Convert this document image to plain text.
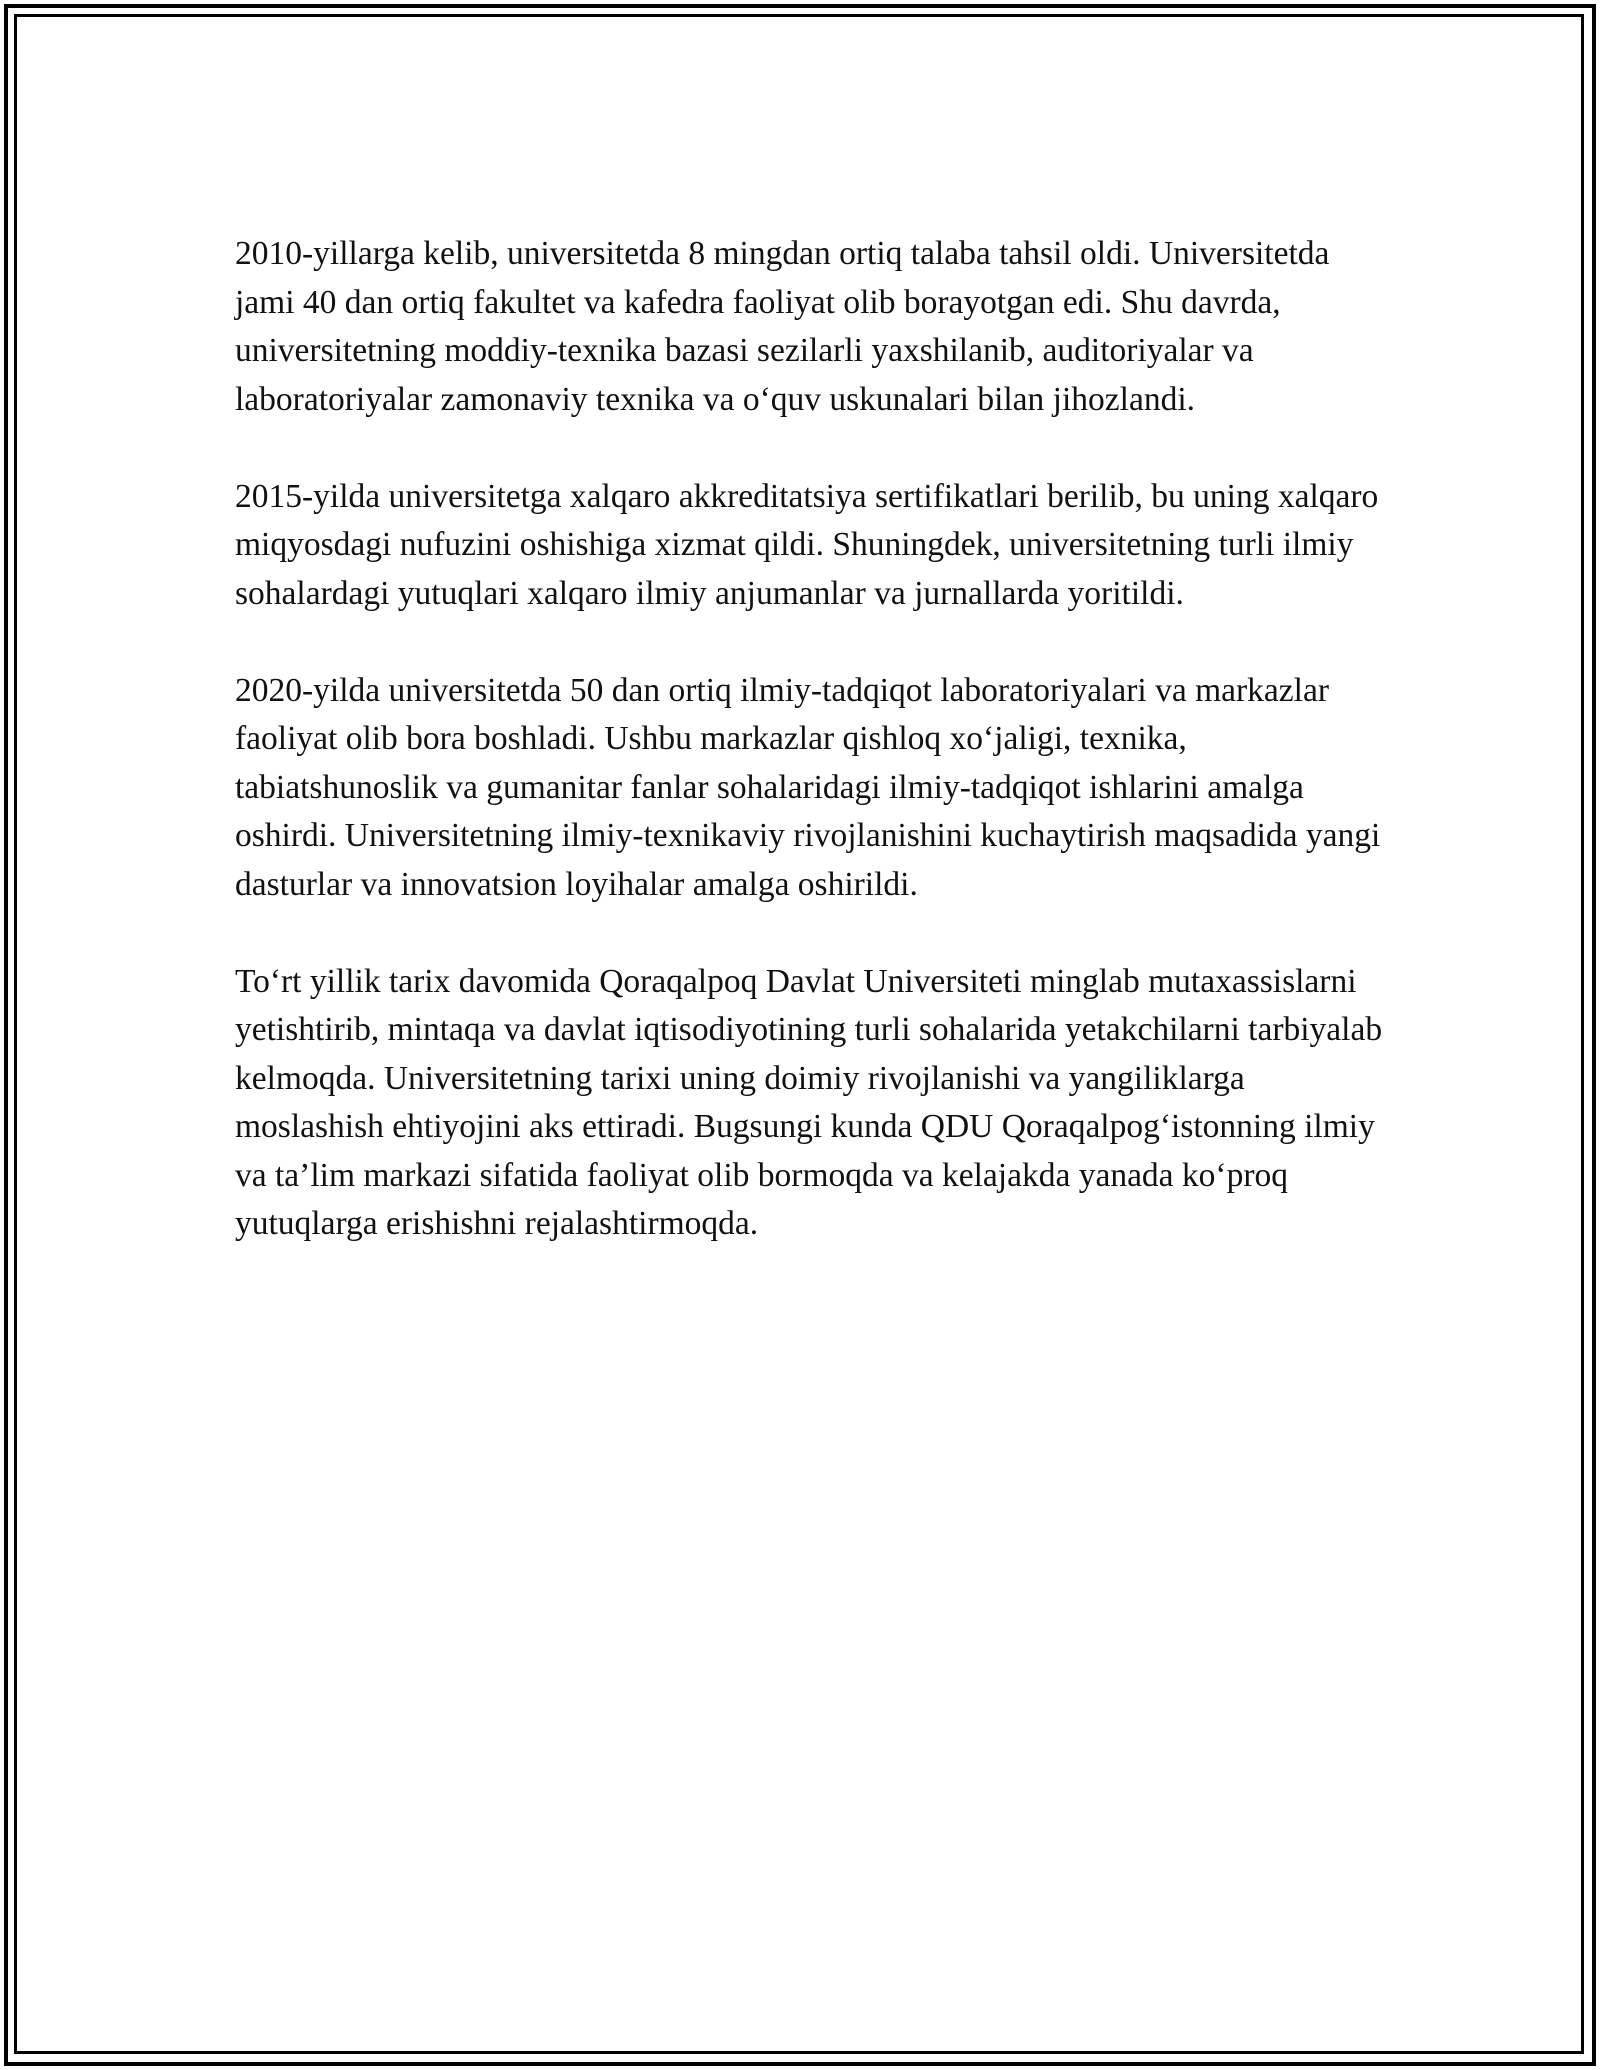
2010-yillarga kelib, universitetda 8 mingdan ortiq talaba tahsil oldi. Universitetda jami 40 dan ortiq fakultet va kafedra faoliyat olib borayotgan edi. Shu davrda, universitetning moddiy-texnika bazasi sezilarli yaxshilanib, auditoriyalar va laboratoriyalar zamonaviy texnika va o‘quv uskunalari bilan jihozlandi.

2015-yilda universitetga xalqaro akkreditatsiya sertifikatlari berilib, bu uning xalqaro miqyosdagi nufuzini oshishiga xizmat qildi. Shuningdek, universitetning turli ilmiy sohalardagi yutuqlari xalqaro ilmiy anjumanlar va jurnallarda yoritildi.

2020-yilda universitetda 50 dan ortiq ilmiy-tadqiqot laboratoriyalari va markazlar faoliyat olib bora boshladi. Ushbu markazlar qishloq xo‘jaligi, texnika, tabiatshunoslik va gumanitar fanlar sohalaridagi ilmiy-tadqiqot ishlarini amalga oshirdi. Universitetning ilmiy-texnikaviy rivojlanishini kuchaytirish maqsadida yangi dasturlar va innovatsion loyihalar amalga oshirildi.

To‘rt yillik tarix davomida Qoraqalpoq Davlat Universiteti minglab mutaxassislarni yetishtirib, mintaqa va davlat iqtisodiyotining turli sohalarida yetakchilarni tarbiyalab kelmoqda. Universitetning tarixi uning doimiy rivojlanishi va yangiliklarga moslashish ehtiyojini aks ettiradi. Bugsungi kunda QDU Qoraqalpog‘istonning ilmiy va ta’lim markazi sifatida faoliyat olib bormoqda va kelajakda yanada ko‘proq yutuqlarga erishishni rejalashtirmoqda.
